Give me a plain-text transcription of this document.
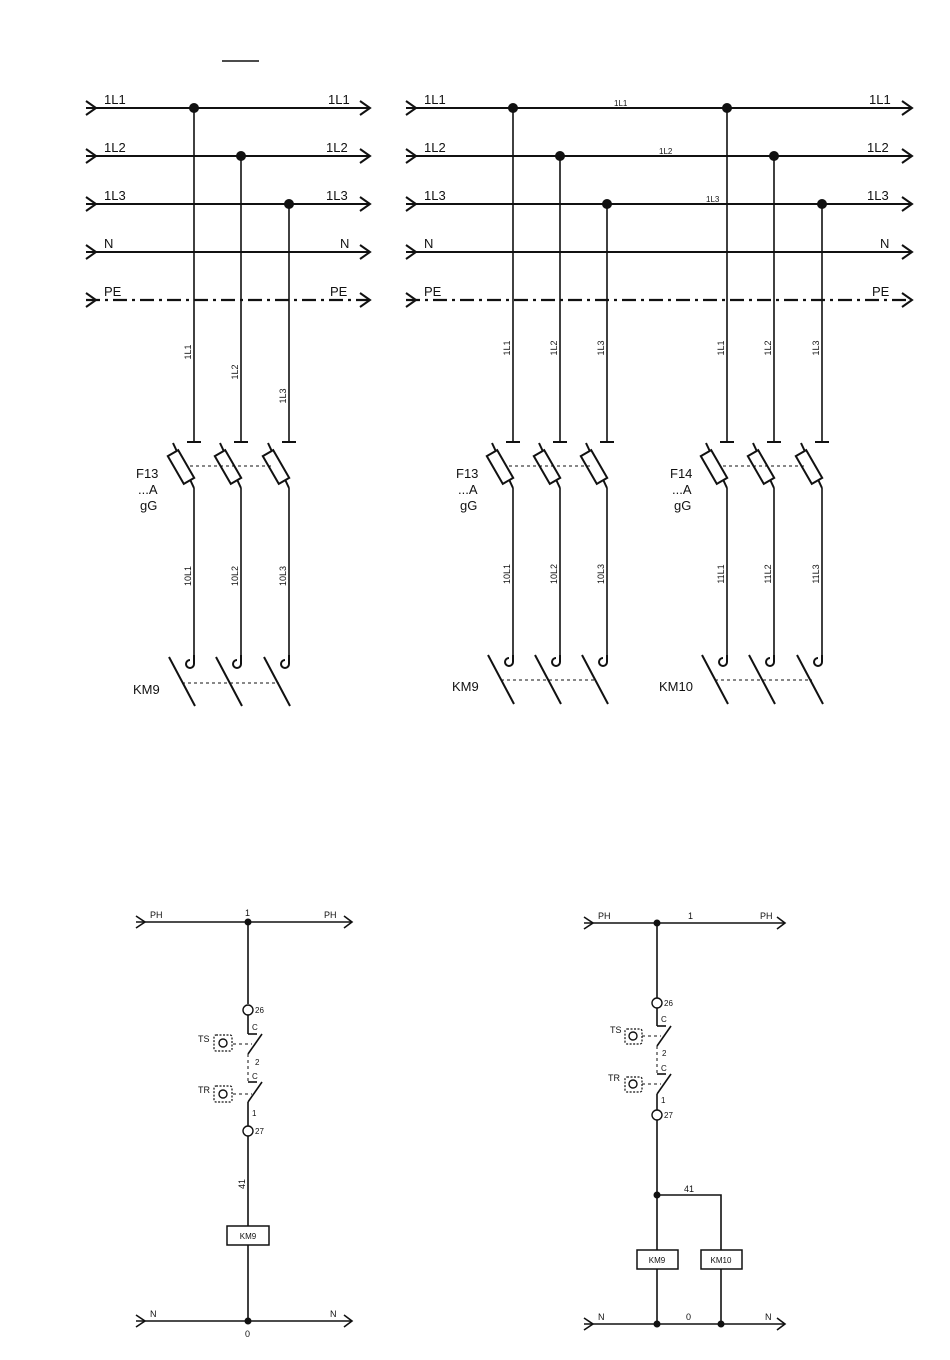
1L1	1L1
1L2	1L2
1L3	1L3
N	N
PE	PE
1L1
1L2
1L3
F13
...A
gG
10L1	10L2	10L3
KM9
1L1	1L1
1L1
1L2	1L2
1L2
1L3	1L3
1L3
N	N
PE	PE
1L1	1L2	1L3	1L1	1L2	1L3
F13
...A
gG
F14
...A
gG
10L1	10L2	10L3	11L1	11L2	11L3
KM9	KM10
PH	PH
1
26
C
2
TS
C
1
TR
27
41
KM9
N	N
0
PH	PH
1
26
C
2
TS
C
1
TR
27
41
KM9	KM10
N	N
0
